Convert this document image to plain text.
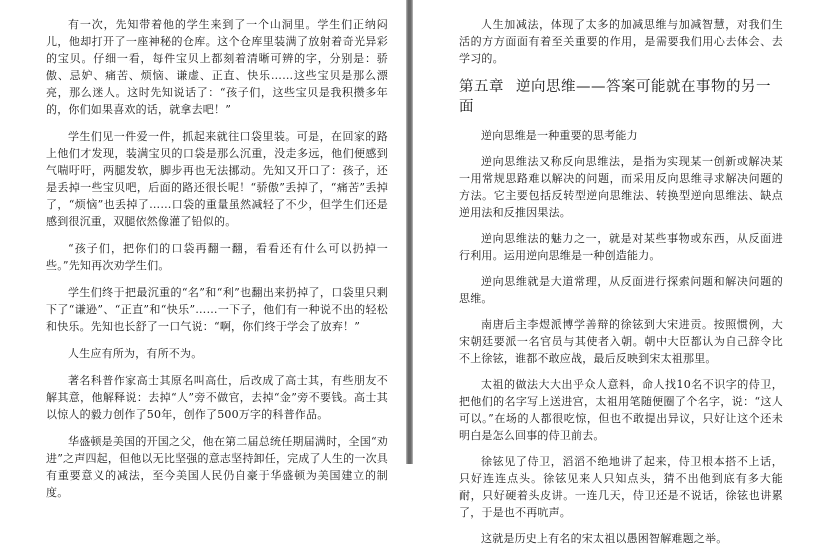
有一次，先知带着他的学生来到了一个山洞里。学生们正纳闷儿，他却打开了一座神秘的仓库。这个仓库里装满了放射着奇光异彩的宝贝。仔细一看，每件宝贝上都刻着清晰可辨的字，分别是：骄傲、忌妒、痛苦、烦恼、谦虚、正直、快乐……这些宝贝是那么漂亮，那么迷人。这时先知说话了：“孩子们，这些宝贝是我积攒多年的，你们如果喜欢的话，就拿去吧！”

学生们见一件爱一件，抓起来就往口袋里装。可是，在回家的路上他们才发现，装满宝贝的口袋是那么沉重，没走多远，他们便感到气喘吁吁，两腿发软，脚步再也无法挪动。先知又开口了：孩子，还是丢掉一些宝贝吧，后面的路还很长呢！“骄傲”丢掉了，“痛苦”丢掉了，“烦恼”也丢掉了……口袋的重量虽然减轻了不少，但学生们还是感到很沉重，双腿依然像灌了铅似的。

“孩子们，把你们的口袋再翻一翻，看看还有什么可以扔掉一些。”先知再次劝学生们。

学生们终于把最沉重的“名”和“利”也翻出来扔掉了，口袋里只剩下了“谦逊”、“正直”和“快乐”……一下子，他们有一种说不出的轻松和快乐。先知也长舒了一口气说：“啊，你们终于学会了放弃！”

人生应有所为，有所不为。

著名科普作家高士其原名叫高仕，后改成了高士其，有些朋友不解其意，他解释说：去掉“人”旁不做官，去掉“金”旁不要钱。高士其以惊人的毅力创作了50年，创作了500万字的科普作品。

华盛顿是美国的开国之父，他在第二届总统任期届满时，全国“劝进”之声四起，但他以无比坚强的意志坚持卸任，完成了人生的一次具有重要意义的减法，至今美国人民仍自豪于华盛顿为美国建立的制度。

人生加减法，体现了太多的加减思维与加减智慧，对我们生活的方方面面有着至关重要的作用，是需要我们用心去体会、去学习的。

第五章 逆向思维——答案可能就在事物的另一面

逆向思维是一种重要的思考能力

逆向思维法又称反向思维法，是指为实现某一创新或解决某一用常规思路难以解决的问题，而采用反向思维寻求解决问题的方法。它主要包括反转型逆向思维法、转换型逆向思维法、缺点逆用法和反推因果法。

逆向思维法的魅力之一，就是对某些事物或东西，从反面进行利用。运用逆向思维是一种创造能力。

逆向思维就是大道常理，从反面进行探索问题和解决问题的思维。

南唐后主李煜派博学善辩的徐铉到大宋进贡。按照惯例，大宋朝廷要派一名官员与其使者入朝。朝中大臣都认为自己辞令比不上徐铉，谁都不敢应战，最后反映到宋太祖那里。

太祖的做法大大出乎众人意料，命人找10名不识字的侍卫，把他们的名字写上送进宫，太祖用笔随便圈了个名字，说：“这人可以。”在场的人都很吃惊，但也不敢提出异议，只好让这个还未明白是怎么回事的侍卫前去。

徐铉见了侍卫，滔滔不绝地讲了起来，侍卫根本搭不上话，只好连连点头。徐铉见来人只知点头，猜不出他到底有多大能耐，只好硬着头皮讲。一连几天，侍卫还是不说话，徐铉也讲累了，于是也不再吭声。

这就是历史上有名的宋太祖以愚困智解难题之举。
